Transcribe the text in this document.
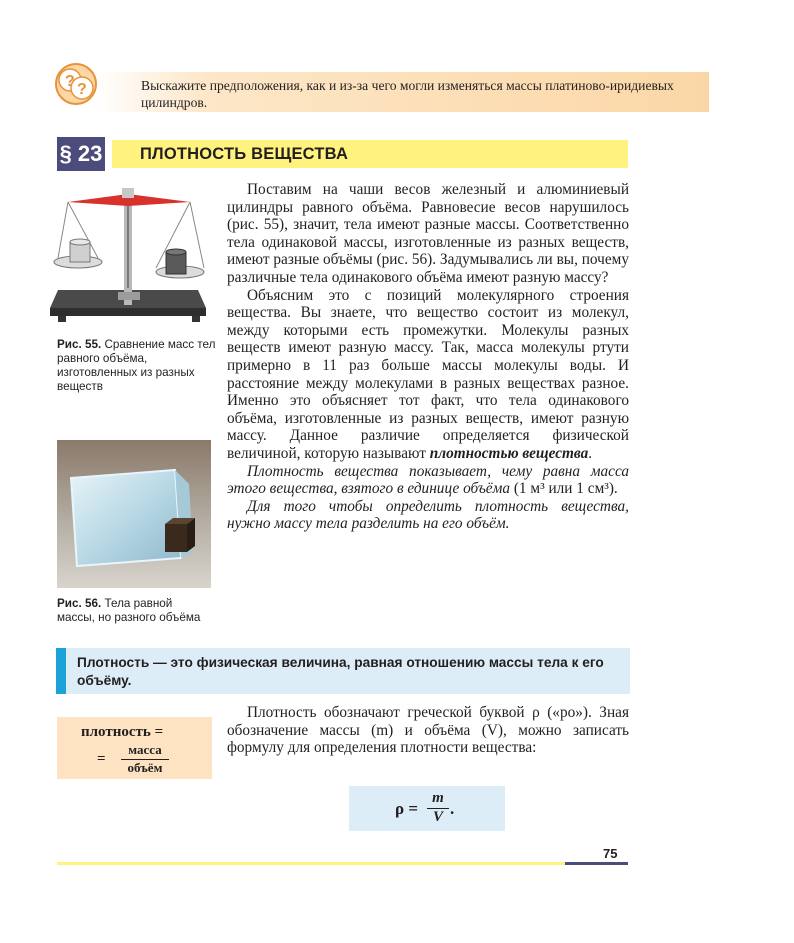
? ?	Выскажите предположения, как и из-за чего могли изменяться массы платиново-иридиевых цилиндров.
§ 23 ПЛОТНОСТЬ ВЕЩЕСТВА
Рис. 55. Сравнение масс тел равного объёма, изготовленных из разных веществ
Рис. 56. Тела равной массы, но разного объёма

Поставим на чаши весов железный и алюминиевый цилиндры равного объёма. Равновесие весов нарушилось (рис. 55), значит, тела имеют разные массы. Соответственно тела одинаковой массы, изготовленные из разных веществ, имеют разные объёмы (рис. 56). Задумывались ли вы, почему различные тела одинакового объёма имеют разную массу?

Объясним это с позиций молекулярного строения вещества. Вы знаете, что вещество состоит из молекул, между которыми есть промежутки. Молекулы разных веществ имеют разную массу. Так, масса молекулы ртути примерно в 11 раз больше массы молекулы воды. И расстояние между молекулами в разных веществах разное. Именно это объясняет тот факт, что тела одинакового объёма, изготовленные из разных веществ, имеют разную массу. Данное различие определяется физической величиной, которую называют плотностью вещества.

Плотность вещества показывает, чему равна масса этого вещества, взятого в единице объёма (1 м³ или 1 см³).

Для того чтобы определить плотность вещества, нужно массу тела разделить на его объём.

Плотность — это физическая величина, равная отношению массы тела к его объёму.
плотность =
=
масса
объём

Плотность обозначают греческой буквой ρ («ро»). Зная обозначение массы (m) и объёма (V), можно записать формулу для определения плотности вещества:

ρ =
m
V .
75
